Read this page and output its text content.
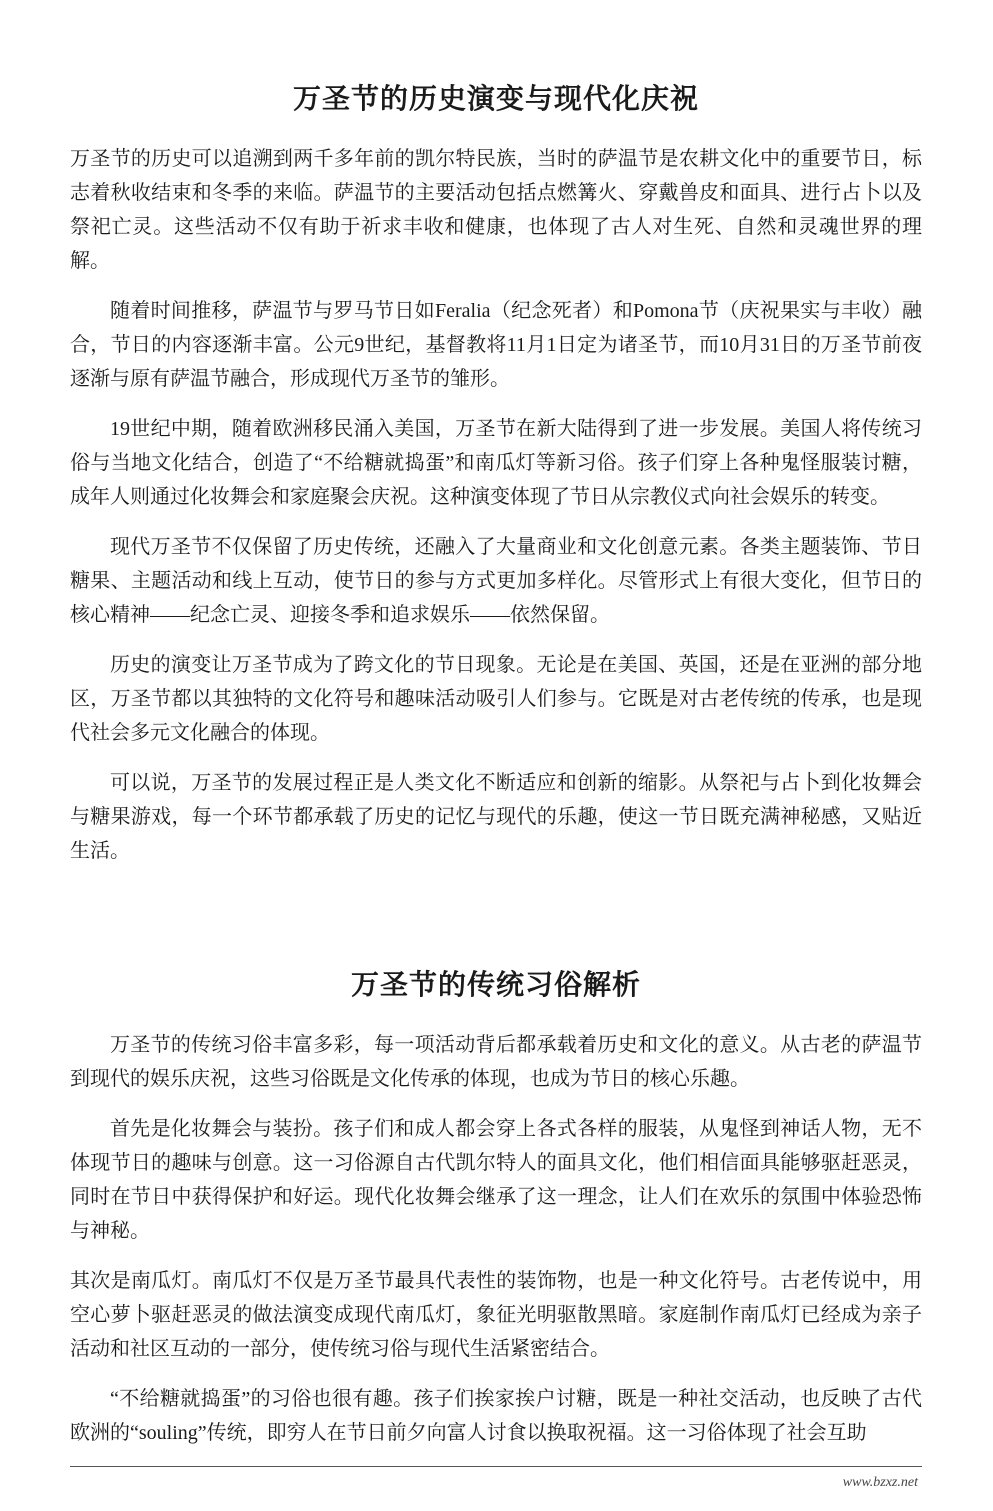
万圣节的历史演变与现代化庆祝

万圣节的历史可以追溯到两千多年前的凯尔特民族，当时的萨温节是农耕文化中的重要节日，标志着秋收结束和冬季的来临。萨温节的主要活动包括点燃篝火、穿戴兽皮和面具、进行占卜以及祭祀亡灵。这些活动不仅有助于祈求丰收和健康，也体现了古人对生死、自然和灵魂世界的理解。

随着时间推移，萨温节与罗马节日如Feralia（纪念死者）和Pomona节（庆祝果实与丰收）融合，节日的内容逐渐丰富。公元9世纪，基督教将11月1日定为诸圣节，而10月31日的万圣节前夜逐渐与原有萨温节融合，形成现代万圣节的雏形。

19世纪中期，随着欧洲移民涌入美国，万圣节在新大陆得到了进一步发展。美国人将传统习俗与当地文化结合，创造了“不给糖就捣蛋”和南瓜灯等新习俗。孩子们穿上各种鬼怪服装讨糖，成年人则通过化妆舞会和家庭聚会庆祝。这种演变体现了节日从宗教仪式向社会娱乐的转变。

现代万圣节不仅保留了历史传统，还融入了大量商业和文化创意元素。各类主题装饰、节日糖果、主题活动和线上互动，使节日的参与方式更加多样化。尽管形式上有很大变化，但节日的核心精神——纪念亡灵、迎接冬季和追求娱乐——依然保留。

历史的演变让万圣节成为了跨文化的节日现象。无论是在美国、英国，还是在亚洲的部分地区，万圣节都以其独特的文化符号和趣味活动吸引人们参与。它既是对古老传统的传承，也是现代社会多元文化融合的体现。

可以说，万圣节的发展过程正是人类文化不断适应和创新的缩影。从祭祀与占卜到化妆舞会与糖果游戏，每一个环节都承载了历史的记忆与现代的乐趣，使这一节日既充满神秘感，又贴近生活。

万圣节的传统习俗解析

万圣节的传统习俗丰富多彩，每一项活动背后都承载着历史和文化的意义。从古老的萨温节到现代的娱乐庆祝，这些习俗既是文化传承的体现，也成为节日的核心乐趣。

首先是化妆舞会与装扮。孩子们和成人都会穿上各式各样的服装，从鬼怪到神话人物，无不体现节日的趣味与创意。这一习俗源自古代凯尔特人的面具文化，他们相信面具能够驱赶恶灵，同时在节日中获得保护和好运。现代化妆舞会继承了这一理念，让人们在欢乐的氛围中体验恐怖与神秘。

其次是南瓜灯。南瓜灯不仅是万圣节最具代表性的装饰物，也是一种文化符号。古老传说中，用空心萝卜驱赶恶灵的做法演变成现代南瓜灯，象征光明驱散黑暗。家庭制作南瓜灯已经成为亲子活动和社区互动的一部分，使传统习俗与现代生活紧密结合。

“不给糖就捣蛋”的习俗也很有趣。孩子们挨家挨户讨糖，既是一种社交活动，也反映了古代欧洲的“souling”传统，即穷人在节日前夕向富人讨食以换取祝福。这一习俗体现了社会互助

www.bzxz.net
